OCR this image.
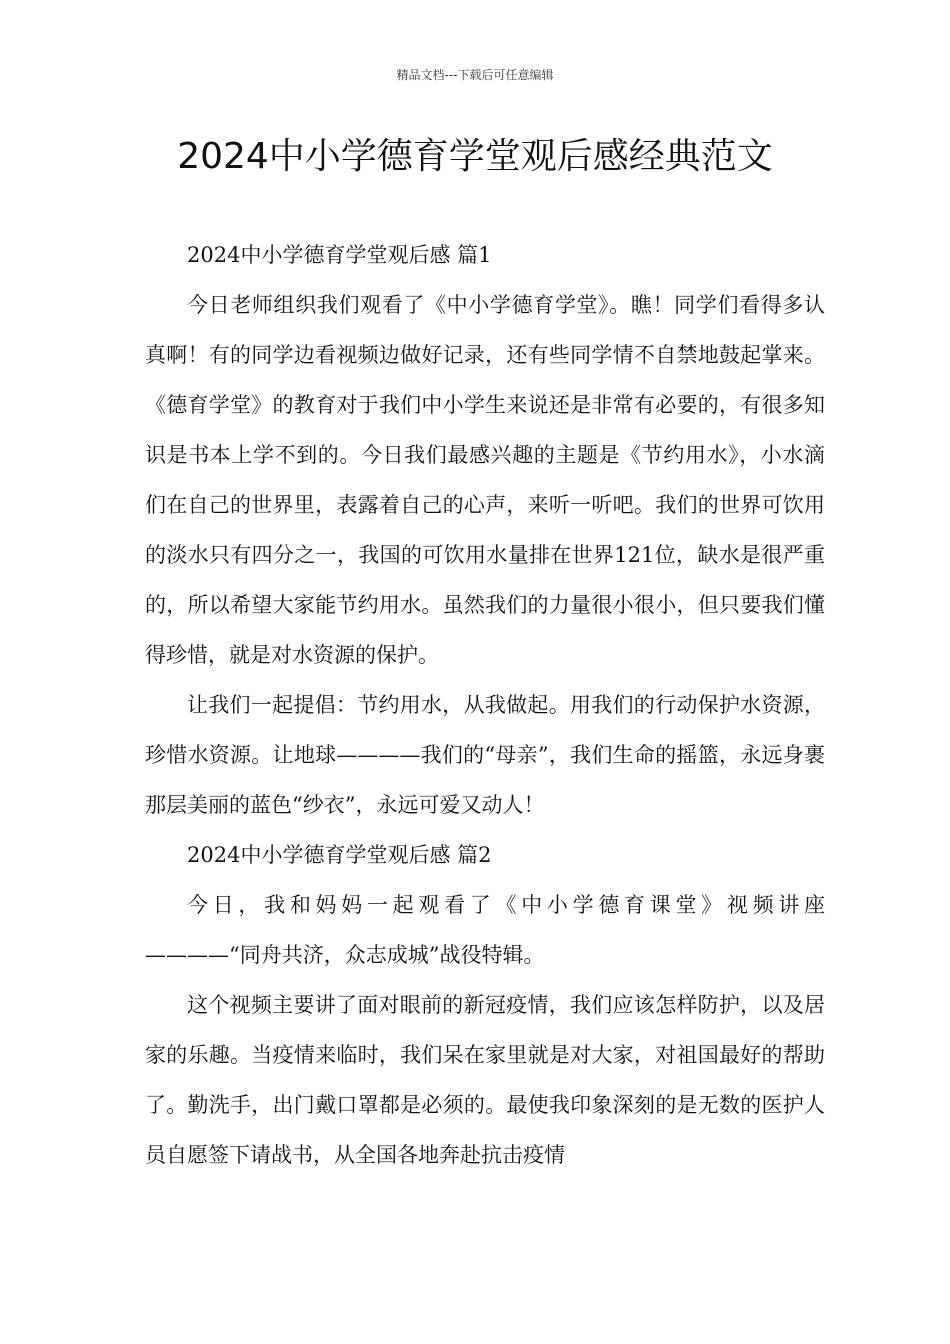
精品文档---下载后可任意编辑
2024中小学德育学堂观后感经典范文

2024中小学德育学堂观后感 篇1

今日老师组织我们观看了《中小学德育学堂》。瞧！同学们看得多认真啊！有的同学边看视频边做好记录，还有些同学情不自禁地鼓起掌来。《德育学堂》的教育对于我们中小学生来说还是非常有必要的，有很多知识是书本上学不到的。今日我们最感兴趣的主题是《节约用水》，小水滴们在自己的世界里，表露着自己的心声，来听一听吧。我们的世界可饮用的淡水只有四分之一，我国的可饮用水量排在世界121位，缺水是很严重的，所以希望大家能节约用水。虽然我们的力量很小很小，但只要我们懂得珍惜，就是对水资源的保护。

让我们一起提倡：节约用水，从我做起。用我们的行动保护水资源，珍惜水资源。让地球————我们的“母亲”，我们生命的摇篮，永远身裹那层美丽的蓝色“纱衣”，永远可爱又动人！

2024中小学德育学堂观后感 篇2

今日，我和妈妈一起观看了《中小学德育课堂》视频讲座————“同舟共济，众志成城”战役特辑。

这个视频主要讲了面对眼前的新冠疫情，我们应该怎样防护，以及居家的乐趣。当疫情来临时，我们呆在家里就是对大家，对祖国最好的帮助了。勤洗手，出门戴口罩都是必须的。最使我印象深刻的是无数的医护人员自愿签下请战书，从全国各地奔赴抗击疫情
